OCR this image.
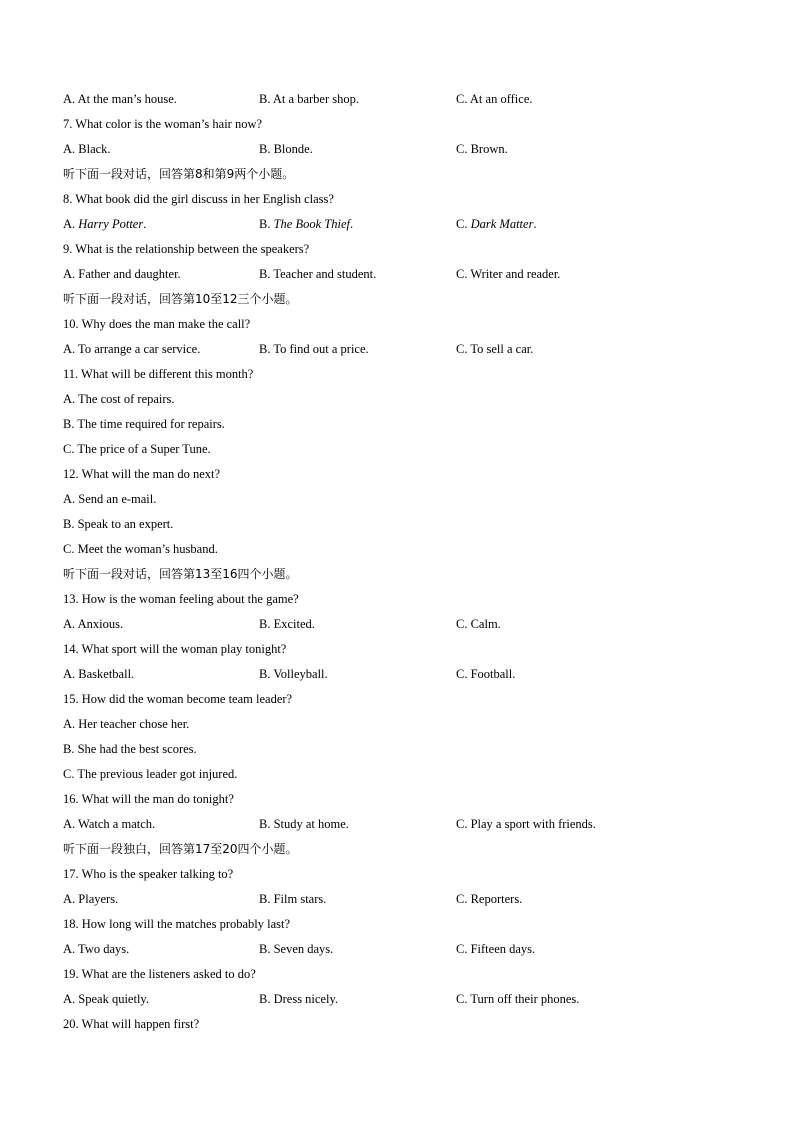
A. At the man’s house.	B. At a barber shop.	C. At an office.
7. What color is the woman’s hair now?
A. Black.	B. Blonde.	C. Brown.
听下面一段对话，回答第8和第9两个小题。
8. What book did the girl discuss in her English class?
A. Harry Potter.	B. The Book Thief.	C. Dark Matter.
9. What is the relationship between the speakers?
A. Father and daughter.	B. Teacher and student.	C. Writer and reader.
听下面一段对话，回答第10至12三个小题。
10. Why does the man make the call?
A. To arrange a car service.	B. To find out a price.	C. To sell a car.
11. What will be different this month?
A. The cost of repairs.
B. The time required for repairs.
C. The price of a Super Tune.
12. What will the man do next?
A. Send an e-mail.
B. Speak to an expert.
C. Meet the woman’s husband.
听下面一段对话，回答第13至16四个小题。
13. How is the woman feeling about the game?
A. Anxious.	B. Excited.	C. Calm.
14. What sport will the woman play tonight?
A. Basketball.	B. Volleyball.	C. Football.
15. How did the woman become team leader?
A. Her teacher chose her.
B. She had the best scores.
C. The previous leader got injured.
16. What will the man do tonight?
A. Watch a match.	B. Study at home.	C. Play a sport with friends.
听下面一段独白，回答第17至20四个小题。
17. Who is the speaker talking to?
A. Players.	B. Film stars.	C. Reporters.
18. How long will the matches probably last?
A. Two days.	B. Seven days.	C. Fifteen days.
19. What are the listeners asked to do?
A. Speak quietly.	B. Dress nicely.	C. Turn off their phones.
20. What will happen first?
